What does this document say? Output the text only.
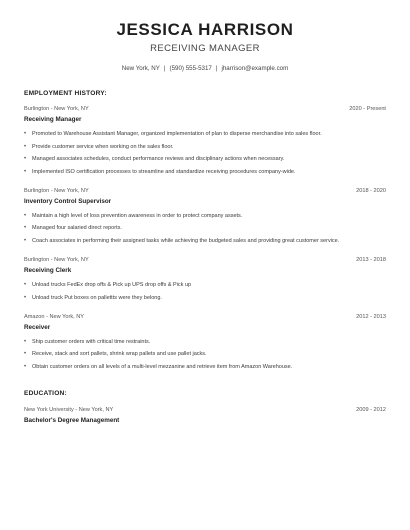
JESSICA HARRISON
RECEIVING MANAGER
New York, NY | (590) 555-5317 | jharrison@example.com
EMPLOYMENT HISTORY:
Burlington - New York, NY	2020 - Present
Receiving Manager
• Promoted to Warehouse Assistant Manager, organized implementation of plan to disperse merchandise into sales floor.
• Provide customer service when working on the sales floor.
• Managed associates schedules, conduct performance reviews and disciplinary actions when necessary.
• Implemented ISO certification processes to streamline and standardize receiving procedures company-wide.
Burlington - New York, NY	2018 - 2020
Inventory Control Supervisor
• Maintain a high level of loss prevention awareness in order to protect company assets.
• Managed four salaried direct reports.
• Coach associates in performing their assigned tasks while achieving the budgeted sales and providing great customer service.
Burlington - New York, NY	2013 - 2018
Receiving Clerk
• Unload trucks FedEx drop offs & Pick up UPS drop offs & Pick up
• Unload truck Put boxes on pallettts were they belong.
Amazon - New York, NY	2012 - 2013
Receiver
• Ship customer orders with critical time restraints.
• Receive, stack and sort pallets, shrink wrap pallets and use pallet jacks.
• Obtain customer orders on all levels of a multi-level mezzanine and retrieve item from Amazon Warehouse.
EDUCATION:
New York University - New York, NY	2009 - 2012
Bachelor's Degree Management
